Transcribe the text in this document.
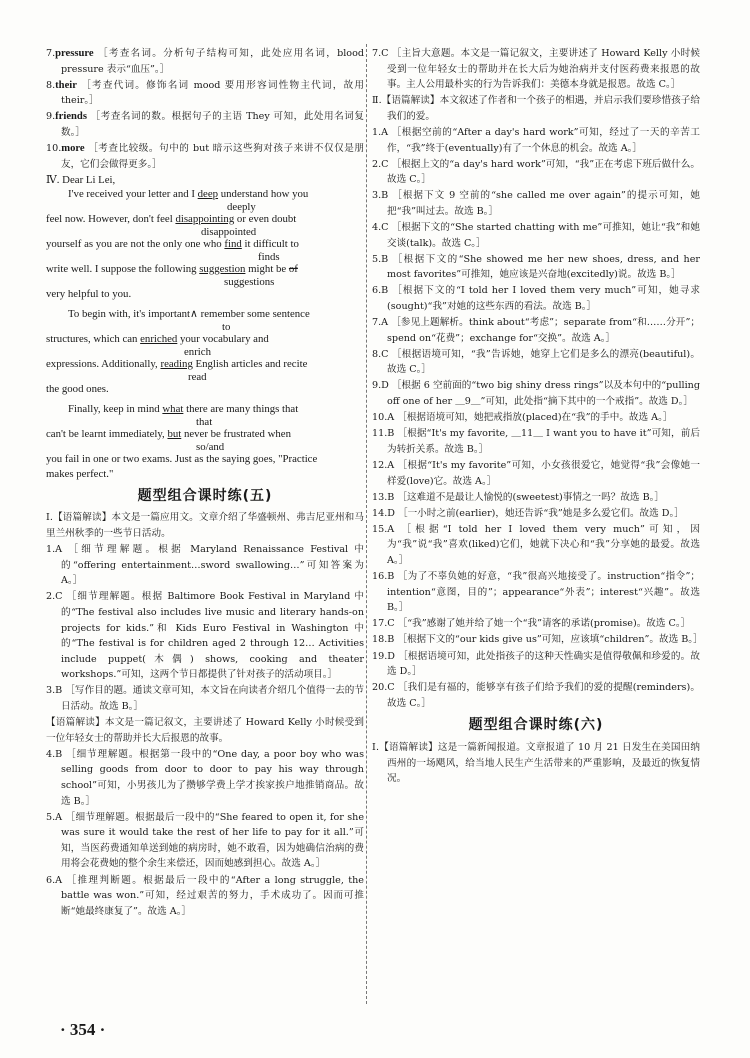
7.pressure ［考查名词。分析句子结构可知，此处应用名词，blood pressure 表示“血压”。］

8.their ［考查代词。修饰名词 mood 要用形容词性物主代词，故用 their。］

9.friends ［考查名词的数。根据句子的主语 They 可知，此处用名词复数。］

10.more ［考查比较级。句中的 but 暗示这些狗对孩子来讲不仅仅是朋友，它们会做得更多。］

Ⅳ. Dear Li Lei,

I've received your letter and I deep understand how you

deeply

feel now. However, don't feel disappointing or even doubt

disappointed

yourself as you are not the only one who find it difficult to

finds

write well. I suppose the following suggestion might be of

suggestions

very helpful to you.

To begin with, it's important∧ remember some sentence

to

structures, which can enriched your vocabulary and

enrich

expressions. Additionally, reading English articles and recite

read

the good ones.

Finally, keep in mind what there are many things that

that

can't be learnt immediately, but never be frustrated when

so/and

you fail in one or two exams. Just as the saying goes, "Practice

makes perfect."

题型组合课时练(五)

Ⅰ.【语篇解读】本文是一篇应用文。文章介绍了华盛顿州、弗吉尼亚州和马里兰州秋季的一些节日活动。

1.A ［细节理解题。根据 Maryland Renaissance Festival 中的“offering entertainment…sword swallowing…”可知答案为 A。］

2.C ［细节理解题。根据 Baltimore Book Festival in Maryland 中的“The festival also includes live music and literary hands-on projects for kids.”和 Kids Euro Festival in Washington 中的“The festival is for children aged 2 through 12… Activities include puppet(木偶) shows, cooking and theater workshops.”可知，这两个节日都提供了针对孩子的活动项目。］

3.B ［写作目的题。通读文章可知，本文旨在向读者介绍几个值得一去的节日活动。故选 B。］

【语篇解读】本文是一篇记叙文，主要讲述了 Howard Kelly 小时候受到一位年轻女士的帮助并长大后报恩的故事。

4.B ［细节理解题。根据第一段中的“One day, a poor boy who was selling goods from door to door to pay his way through school”可知，小男孩儿为了攒够学费上学才挨家挨户地推销商品。故选 B。］

5.A ［细节理解题。根据最后一段中的“She feared to open it, for she was sure it would take the rest of her life to pay for it all.”可知，当医药费通知单送到她的病房时，她不敢看，因为她确信治病的费用将会花费她的整个余生来偿还，因而她感到担心。故选 A。］

6.A ［推理判断题。根据最后一段中的“After a long struggle, the battle was won.”可知，经过艰苦的努力，手术成功了。因而可推断“她最终康复了”。故选 A。］

7.C ［主旨大意题。本文是一篇记叙文，主要讲述了 Howard Kelly 小时候受到一位年轻女士的帮助并在长大后为她治病并支付医药费来报恩的故事。主人公用最朴实的行为告诉我们：美德本身就是报恩。故选 C。］

Ⅱ.【语篇解读】本文叙述了作者和一个孩子的相遇，并启示我们要珍惜孩子给我们的爱。

1.A ［根据空前的“After a day's hard work”可知，经过了一天的辛苦工作，“我”终于(eventually)有了一个休息的机会。故选 A。］

2.C ［根据上文的“a day's hard work”可知，“我”正在考虑下班后做什么。故选 C。］

3.B ［根据下文 9 空前的“she called me over again”的提示可知，她把“我”叫过去。故选 B。］

4.C ［根据下文的“She started chatting with me”可推知，她让“我”和她交谈(talk)。故选 C。］

5.B ［根据下文的“She showed me her new shoes, dress, and her most favorites”可推知，她应该是兴奋地(excitedly)说。故选 B。］

6.B ［根据下文的“I told her I loved them very much”可知，她寻求(sought)“我”对她的这些东西的看法。故选 B。］

7.A ［参见上题解析。think about“考虑”；separate from“和……分开”；spend on“花费”；exchange for“交换”。故选 A。］

8.C ［根据语境可知，“我”告诉她，她穿上它们是多么的漂亮(beautiful)。故选 C。］

9.D ［根据 6 空前面的“two big shiny dress rings”以及本句中的“pulling off one of her ＿9＿”可知，此处指“摘下其中的一个戒指”。故选 D。］

10.A ［根据语境可知，她把戒指放(placed)在“我”的手中。故选 A。］

11.B ［根据“It's my favorite, ＿11＿ I want you to have it”可知，前后为转折关系。故选 B。］

12.A ［根据“It's my favorite”可知，小女孩很爱它，她觉得“我”会像她一样爱(love)它。故选 A。］

13.B ［这难道不是最让人愉悦的(sweetest)事情之一吗？故选 B。］

14.D ［一小时之前(earlier)，她还告诉“我”她是多么爱它们。故选 D。］

15.A ［根据“I told her I loved them very much”可知，因为“我”说“我”喜欢(liked)它们，她就下决心和“我”分享她的最爱。故选 A。］

16.B ［为了不辜负她的好意，“我”很高兴地接受了。instruction“指令”；intention“意图，目的”；appearance“外表”；interest“兴趣”。故选 B。］

17.C ［“我”感谢了她并给了她一个“我”请客的承诺(promise)。故选 C。］

18.B ［根据下文的“our kids give us”可知，应该填“children”。故选 B。］

19.D ［根据语境可知，此处指孩子的这种天性确实是值得敬佩和珍爱的。故选 D。］

20.C ［我们是有福的，能够享有孩子们给予我们的爱的提醒(reminders)。故选 C。］

题型组合课时练(六)

Ⅰ.【语篇解读】这是一篇新闻报道。文章报道了 10 月 21 日发生在美国田纳西州的一场飓风，给当地人民生产生活带来的严重影响，及最近的恢复情况。

· 354 ·
